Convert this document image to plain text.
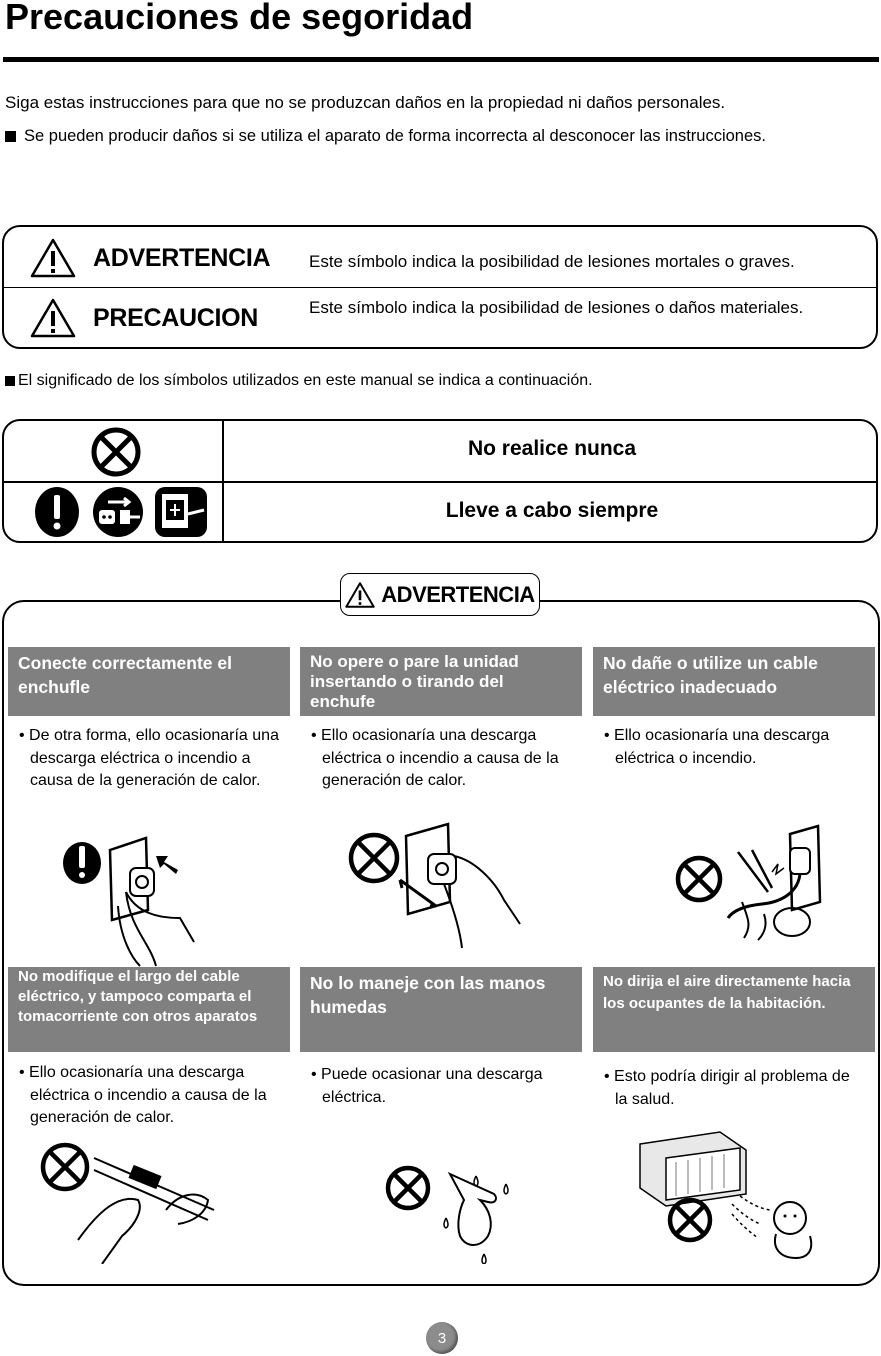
Precauciones de segoridad
Siga estas instrucciones para que no se produzcan daños en la propiedad ni daños personales.
Se pueden producir daños si se utiliza el aparato de forma incorrecta al desconocer las instrucciones.
ADVERTENCIA Este símbolo indica la posibilidad de lesiones mortales o graves.
PRECAUCION	Este símbolo indica la posibilidad de lesiones o daños materiales.
El significado de los símbolos utilizados en este manual se indica a continuación.
No realice nunca
Lleve a cabo siempre
ADVERTENCIA
Conecte correctamente el enchufle
No opere o pare la unidad insertando o tirando del enchufe
No dañe o utilize un cable eléctrico inadecuado
• De otra forma, ello ocasionaría una descarga eléctrica o incendio a causa de la generación de calor.
• Ello ocasionaría una descarga eléctrica o incendio a causa de la generación de calor.
• Ello ocasionaría una descarga eléctrica o incendio.
No modifique el largo del cable eléctrico, y tampoco comparta el tomacorriente con otros aparatos
No lo maneje con las manos humedas
No dirija el aire directamente hacia los ocupantes de la habitación.
• Ello ocasionaría una descarga eléctrica o incendio a causa de la generación de calor.
• Puede ocasionar una descarga eléctrica.
• Esto podría dirigir al problema de la salud.
3
